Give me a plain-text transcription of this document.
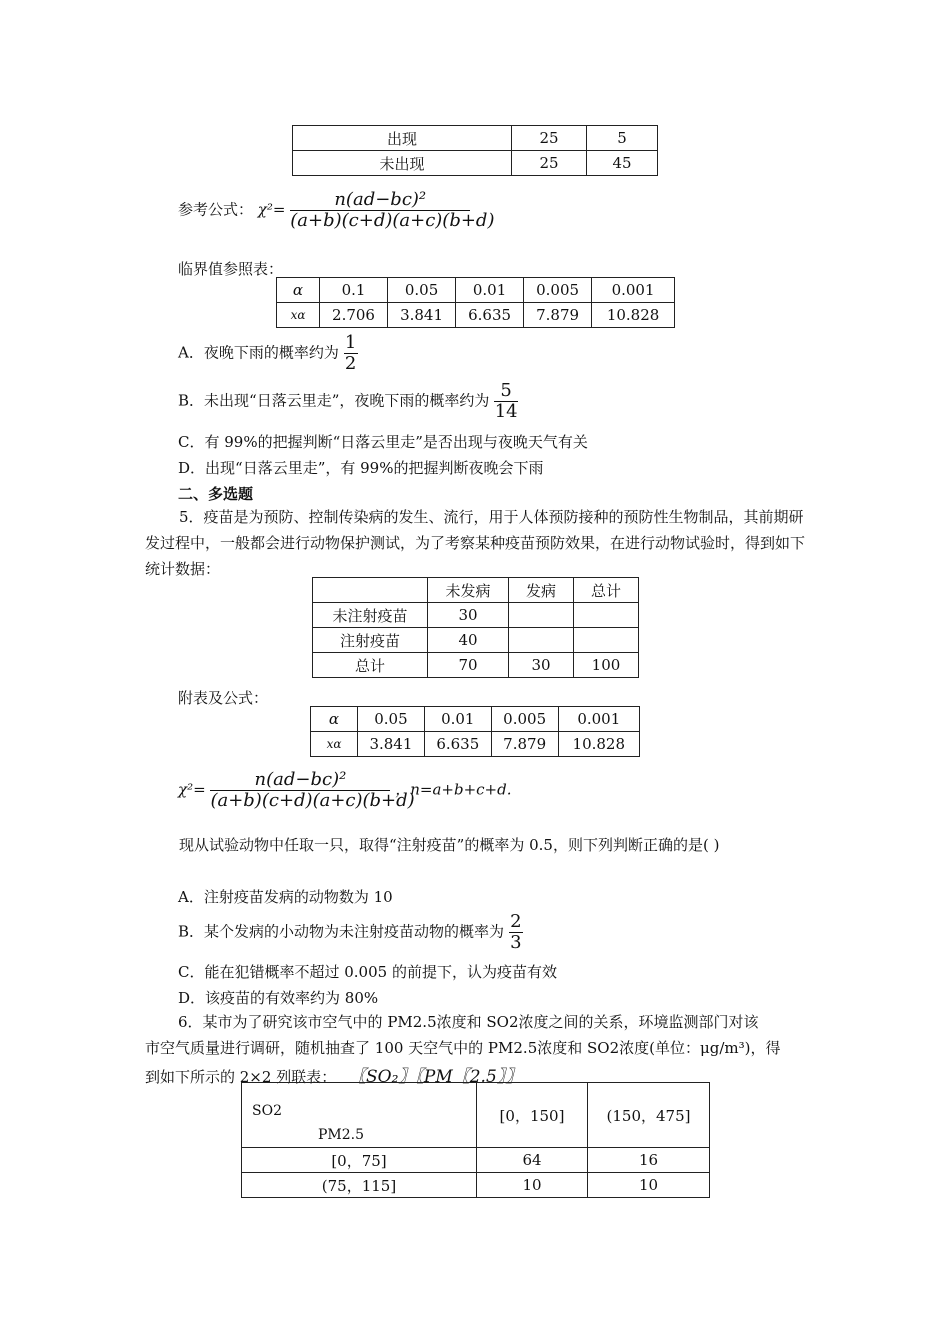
出现	25	5
未出现	25	45
参考公式： $\chi^2= \frac{\text{n(ad−bc)²}}{(a+b)(c+d)(a+c)(b+d)}$
临界值参照表：
α	0.1	0.05	0.01	0.005	0.001
xα	2.706	3.841	6.635	7.879	10.828
A．夜晚下雨的概率约为 $\frac{1}{2}$
B．未出现“日落云里走”，夜晚下雨的概率约为 $\frac{5}{14}$
C．有 99%的把握判断“日落云里走”是否出现与夜晚天气有关
D．出现“日落云里走”，有 99%的把握判断夜晚会下雨
二、多选题
5．疫苗是为预防、控制传染病的发生、流行，用于人体预防接种的预防性生物制品，其前期研发过程中，一般都会进行动物保护测试，为了考察某种疫苗预防效果，在进行动物试验时，得到如下统计数据：
	未发病	发病	总计
未注射疫苗	30		
注射疫苗	40		
总计	70	30	100
附表及公式：
α	0.05	0.01	0.005	0.001
xα	3.841	6.635	7.879	10.828
$\chi^2= \frac{\text{n(ad−bc)²}}{(a+b)(c+d)(a+c)(b+d)}$ ，n=a+b+c+d.
现从试验动物中任取一只，取得“注射疫苗”的概率为 0.5，则下列判断正确的是( )
A．注射疫苗发病的动物数为 10
B．某个发病的小动物为未注射疫苗动物的概率为 $\frac{2}{3}$
C．能在犯错概率不超过 0.005 的前提下，认为疫苗有效
D．该疫苗的有效率约为 80%
6．某市为了研究该市空气中的 PM2.5浓度和 SO2浓度之间的关系，环境监测部门对该
市空气质量进行调研，随机抽查了 100 天空气中的 PM2.5浓度和 SO2浓度(单位：μg/m³)，得
到如下所示的 2×2 列联表： 〖SO₂〗〖PM〖2.5〗〗
SO2
PM2.5	[0，150]	(150，475]
[0，75]	64	16
(75，115]	10	10
